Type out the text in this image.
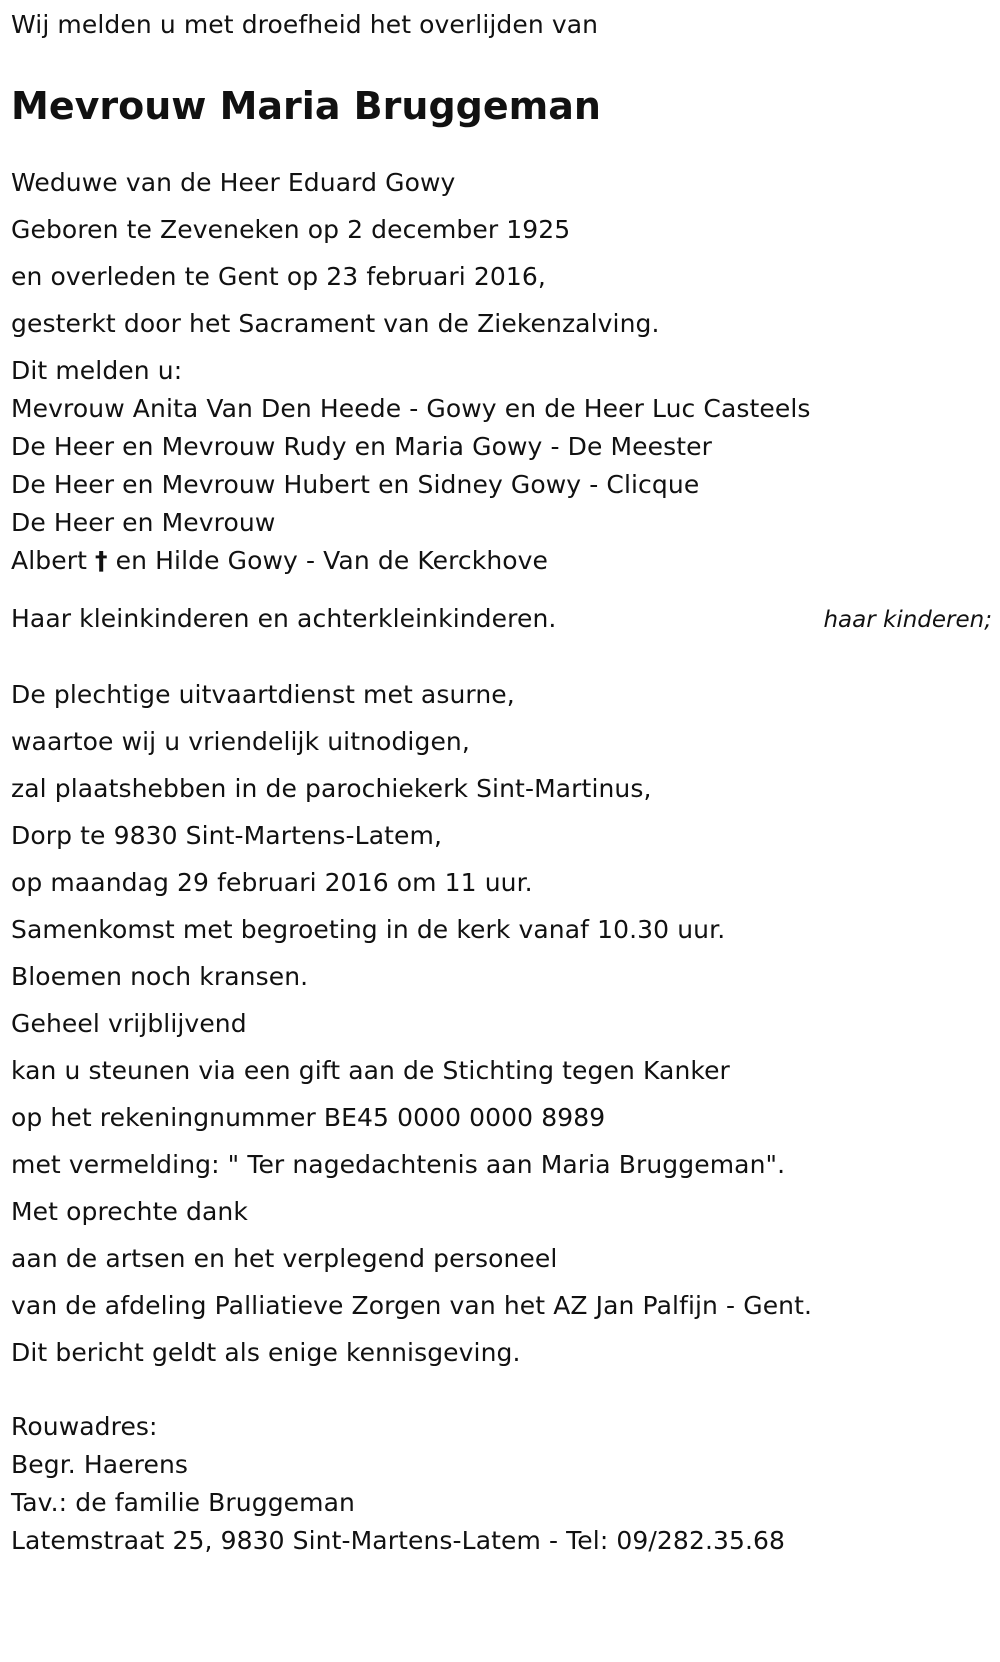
Wij melden u met droefheid het overlijden van
Mevrouw Maria Bruggeman
Weduwe van de Heer Eduard Gowy
Geboren te Zeveneken op 2 december 1925
en overleden te Gent op 23 februari 2016,
gesterkt door het Sacrament van de Ziekenzalving.
Dit melden u:
Mevrouw Anita Van Den Heede - Gowy en de Heer Luc Casteels
De Heer en Mevrouw Rudy en Maria Gowy - De Meester
De Heer en Mevrouw Hubert en Sidney Gowy - Clicque
De Heer en Mevrouw
Albert † en Hilde Gowy - Van de Kerckhove
haar kinderen;
Haar kleinkinderen en achterkleinkinderen.
De plechtige uitvaartdienst met asurne,
waartoe wij u vriendelijk uitnodigen,
zal plaatshebben in de parochiekerk Sint-Martinus,
Dorp te 9830 Sint-Martens-Latem,
op maandag 29 februari 2016 om 11 uur.
Samenkomst met begroeting in de kerk vanaf 10.30 uur.
Bloemen noch kransen.
Geheel vrijblijvend
kan u steunen via een gift aan de Stichting tegen Kanker
op het rekeningnummer BE45 0000 0000 8989
met vermelding: " Ter nagedachtenis aan Maria Bruggeman".
Met oprechte dank
aan de artsen en het verplegend personeel
van de afdeling Palliatieve Zorgen van het AZ Jan Palfijn - Gent.
Dit bericht geldt als enige kennisgeving.
Rouwadres:
Begr. Haerens
Tav.: de familie Bruggeman
Latemstraat 25, 9830 Sint-Martens-Latem - Tel: 09/282.35.68
